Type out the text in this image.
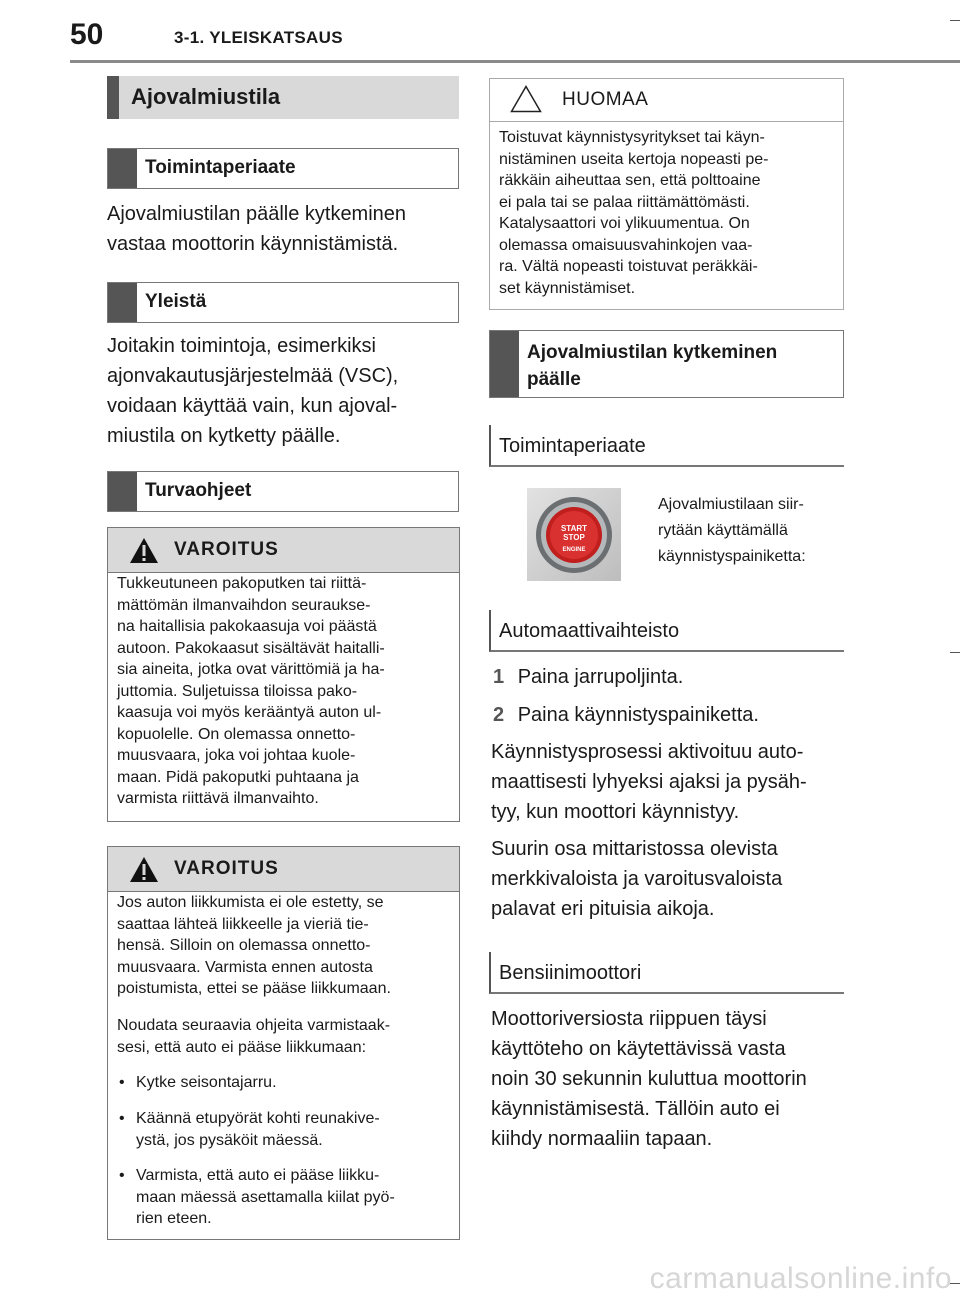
50	3-1. YLEISKATSAUS
Ajovalmiustila
Toimintaperiaate
Ajovalmiustilan päälle kytkeminen
vastaa moottorin käynnistämistä.
Yleistä
Joitakin toimintoja, esimerkiksi
ajonvakautusjärjestelmää (VSC),
voidaan käyttää vain, kun ajoval-
miustila on kytketty päälle.
Turvaohjeet
VAROITUS
Tukkeutuneen pakoputken tai riittä-
mättömän ilmanvaihdon seurаukse-
na haitallisia pakokaasuja voi päästä
autoon. Pakokaasut sisältävät haitalli-
sia aineita, jotka ovat värittömiä ja ha-
juttomia. Suljetuissa tiloissa pako-
kaasuja voi myös kerääntyä auton ul-
kopuolelle. On olemassa onnetto-
muusvaara, joka voi johtaa kuole-
maan. Pidä pakoputki puhtaana ja
varmista riittävä ilmanvaihto.
VAROITUS
Jos auton liikkumista ei ole estetty, se
saattaa lähteä liikkeelle ja vieriä tie-
hensä. Silloin on olemassa onnetto-
muusvaara. Varmista ennen autosta
poistumista, ettei se pääse liikkumaan.
Noudata seuraavia ohjeita varmistaak-
sesi, että auto ei pääse liikkumaan:
• Kytke seisontajarru.
• Käännä etupyörät kohti reunakive-
ystä, jos pysäköit mäessä.
• Varmista, että auto ei pääse liikku-
maan mäessä asettamalla kiilat pyö-
rien eteen.
HUOMAA
Toistuvat käynnistysyritykset tai käyn-
nistäminen useita kertoja nopeasti pe-
räkkäin aiheuttaa sen, että polttoaine
ei pala tai se palaa riittämättömästi.
Katalysaattori voi ylikuumentua. On
olemassa omaisuusvahinkojen vaa-
ra. Vältä nopeasti toistuvat peräkkäi-
set käynnistämiset.
Ajovalmiustilan kytkeminen
päälle
Toimintaperiaate
START
STOP
ENGINE
Ajovalmiustilaan siir-
rytään käyttämällä
käynnistyspainiketta:
Automaattivaihteisto
1 Paina jarrupoljinta.
2 Paina käynnistyspainiketta.
Käynnistysprosessi aktivoituu auto-
maattisesti lyhyeksi ajaksi ja pysäh-
tyy, kun moottori käynnistyy.
Suurin osa mittaristossa olevista
merkkivaloista ja varoitusvaloista
palavat eri pituisia aikoja.
Bensiinimoottori
Moottoriversiosta riippuen täysi
käyttöteho on käytettävissä vasta
noin 30 sekunnin kuluttua moottorin
käynnistämisestä. Tällöin auto ei
kiihdy normaaliin tapaan.
carmanualsonline.info
